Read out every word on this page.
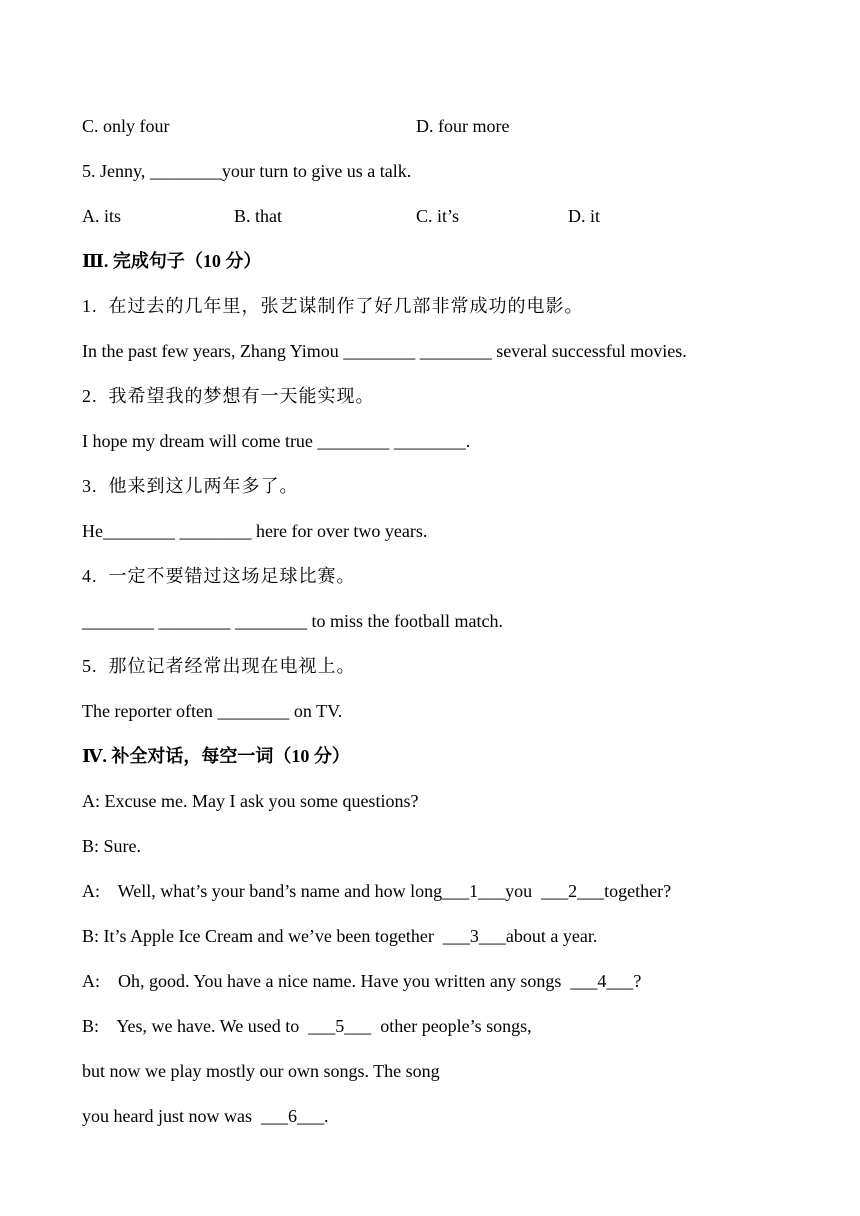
C. only four	D. four more
5. Jenny, ________your turn to give us a talk.
A. its	B. that	C. it’s	D. it
Ⅲ. 完成句子（10 分）
1.  在过去的几年里，张艺谋制作了好几部非常成功的电影。
In the past few years, Zhang Yimou ________ ________ several successful movies.
2.  我希望我的梦想有一天能实现。
I hope my dream will come true ________ ________.
3.  他来到这儿两年多了。
He________ ________ here for over two years.
4.  一定不要错过这场足球比赛。
________ ________ ________ to miss the football match.
5.  那位记者经常出现在电视上。
The reporter often ________ on TV.
Ⅳ. 补全对话，每空一词（10 分）
A: Excuse me. May I ask you some questions?
B: Sure.
A:    Well, what’s your band’s name and how long___1___you  ___2___together?
B: It’s Apple Ice Cream and we’ve been together  ___3___about a year.
A:    Oh, good. You have a nice name. Have you written any songs  ___4___?
B:    Yes, we have. We used to  ___5___  other people’s songs,
but now we play mostly our own songs. The song
you heard just now was  ___6___.
